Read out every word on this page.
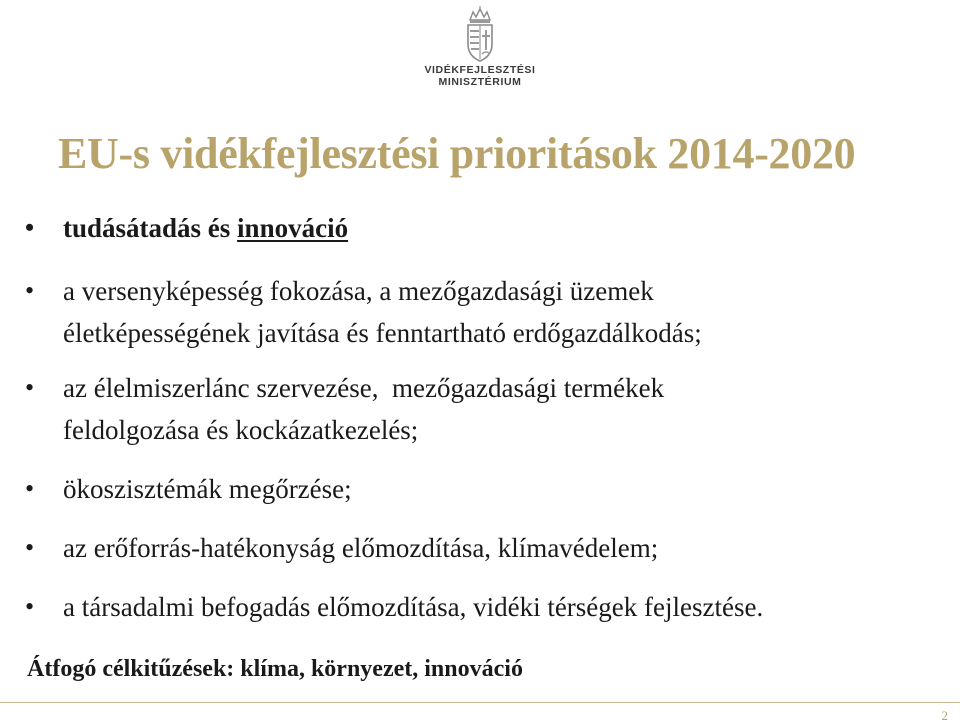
VIDÉKFEJLESZTÉSI
MINISZTÉRIUM
EU-s vidékfejlesztési prioritások 2014-2020
• tudásátadás és innováció
• a versenyképesség fokozása, a mezőgazdasági üzemek
életképességének javítása és fenntartható erdőgazdálkodás;
• az élelmiszerlánc szervezése,  mezőgazdasági termékek
feldolgozása és kockázatkezelés;
• ökoszisztémák megőrzése;
• az erőforrás-hatékonyság előmozdítása, klímavédelem;
• a társadalmi befogadás előmozdítása, vidéki térségek fejlesztése.
Átfogó célkitűzések: klíma, környezet, innováció
2
